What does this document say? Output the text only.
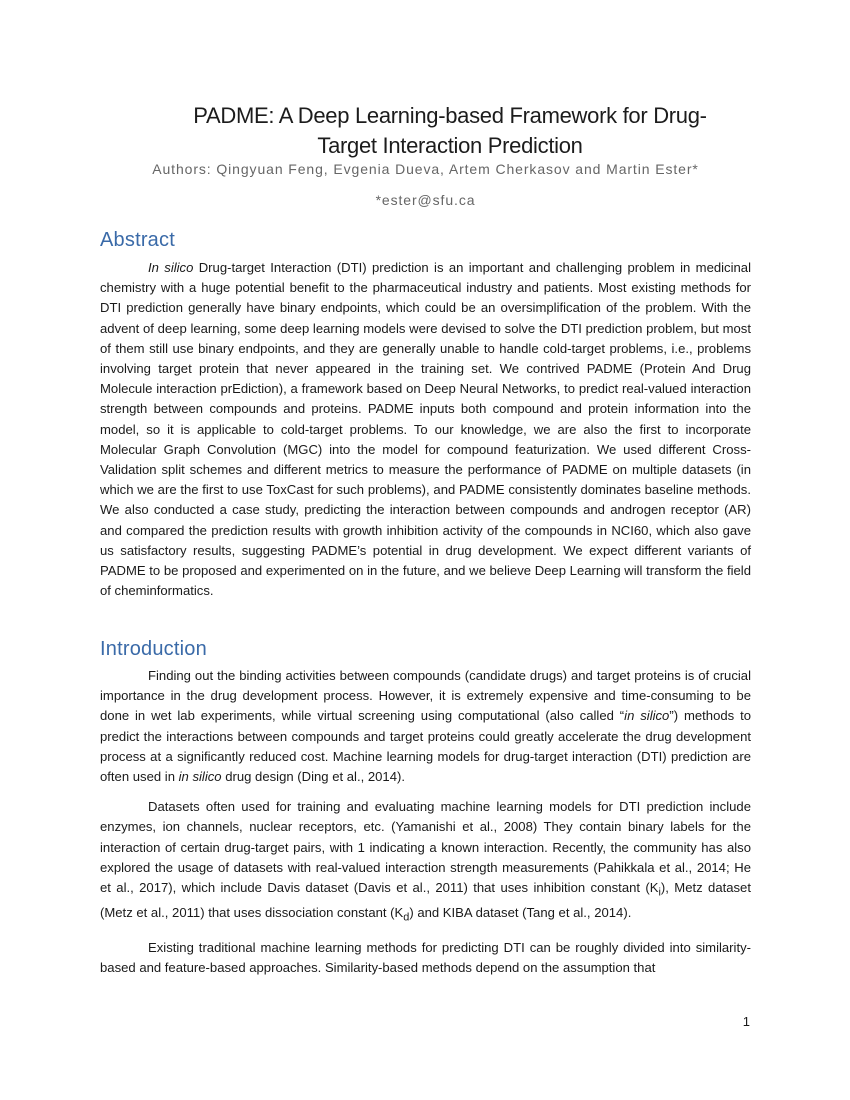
PADME: A Deep Learning-based Framework for Drug-Target Interaction Prediction
Authors: Qingyuan Feng, Evgenia Dueva, Artem Cherkasov and Martin Ester*
*ester@sfu.ca
Abstract

In silico Drug-target Interaction (DTI) prediction is an important and challenging problem in medicinal chemistry with a huge potential benefit to the pharmaceutical industry and patients. Most existing methods for DTI prediction generally have binary endpoints, which could be an oversimplification of the problem. With the advent of deep learning, some deep learning models were devised to solve the DTI prediction problem, but most of them still use binary endpoints, and they are generally unable to handle cold-target problems, i.e., problems involving target protein that never appeared in the training set. We contrived PADME (Protein And Drug Molecule interaction prEdiction), a framework based on Deep Neural Networks, to predict real-valued interaction strength between compounds and proteins. PADME inputs both compound and protein information into the model, so it is applicable to cold-target problems. To our knowledge, we are also the first to incorporate Molecular Graph Convolution (MGC) into the model for compound featurization. We used different Cross-Validation split schemes and different metrics to measure the performance of PADME on multiple datasets (in which we are the first to use ToxCast for such problems), and PADME consistently dominates baseline methods. We also conducted a case study, predicting the interaction between compounds and androgen receptor (AR) and compared the prediction results with growth inhibition activity of the compounds in NCI60, which also gave us satisfactory results, suggesting PADME’s potential in drug development. We expect different variants of PADME to be proposed and experimented on in the future, and we believe Deep Learning will transform the field of cheminformatics.

Introduction

Finding out the binding activities between compounds (candidate drugs) and target proteins is of crucial importance in the drug development process. However, it is extremely expensive and time-consuming to be done in wet lab experiments, while virtual screening using computational (also called “in silico”) methods to predict the interactions between compounds and target proteins could greatly accelerate the drug development process at a significantly reduced cost. Machine learning models for drug-target interaction (DTI) prediction are often used in in silico drug design (Ding et al., 2014).

Datasets often used for training and evaluating machine learning models for DTI prediction include enzymes, ion channels, nuclear receptors, etc. (Yamanishi et al., 2008) They contain binary labels for the interaction of certain drug-target pairs, with 1 indicating a known interaction. Recently, the community has also explored the usage of datasets with real-valued interaction strength measurements (Pahikkala et al., 2014; He et al., 2017), which include Davis dataset (Davis et al., 2011) that uses inhibition constant $(K_i)$, Metz dataset (Metz et al., 2011) that uses dissociation constant $(K_d)$ and KIBA dataset (Tang et al., 2014).

Existing traditional machine learning methods for predicting DTI can be roughly divided into similarity-based and feature-based approaches. Similarity-based methods depend on the assumption that

1
